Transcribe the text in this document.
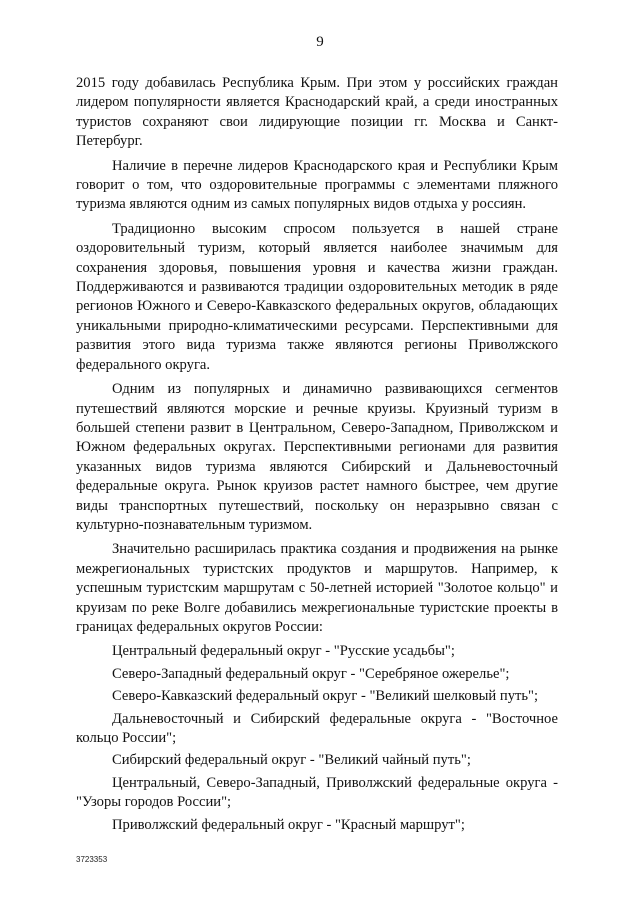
9

2015 году добавилась Республика Крым. При этом у российских граждан лидером популярности является Краснодарский край, а среди иностранных туристов сохраняют свои лидирующие позиции гг. Москва и Санкт-Петербург.

Наличие в перечне лидеров Краснодарского края и Республики Крым говорит о том, что оздоровительные программы с элементами пляжного туризма являются одним из самых популярных видов отдыха у россиян.

Традиционно высоким спросом пользуется в нашей стране оздоровительный туризм, который является наиболее значимым для сохранения здоровья, повышения уровня и качества жизни граждан. Поддерживаются и развиваются традиции оздоровительных методик в ряде регионов Южного и Северо-Кавказского федеральных округов, обладающих уникальными природно-климатическими ресурсами. Перспективными для развития этого вида туризма также являются регионы Приволжского федерального округа.

Одним из популярных и динамично развивающихся сегментов путешествий являются морские и речные круизы. Круизный туризм в большей степени развит в Центральном, Северо-Западном, Приволжском и Южном федеральных округах. Перспективными регионами для развития указанных видов туризма являются Сибирский и Дальневосточный федеральные округа. Рынок круизов растет намного быстрее, чем другие виды транспортных путешествий, поскольку он неразрывно связан с культурно-познавательным туризмом.

Значительно расширилась практика создания и продвижения на рынке межрегиональных туристских продуктов и маршрутов. Например, к успешным туристским маршрутам с 50-летней историей "Золотое кольцо" и круизам по реке Волге добавились межрегиональные туристские проекты в границах федеральных округов России:

Центральный федеральный округ - "Русские усадьбы";

Северо-Западный федеральный округ - "Серебряное ожерелье";

Северо-Кавказский федеральный округ - "Великий шелковый путь";

Дальневосточный и Сибирский федеральные округа - "Восточное кольцо России";

Сибирский федеральный округ - "Великий чайный путь";

Центральный, Северо-Западный, Приволжский федеральные округа - "Узоры городов России";

Приволжский федеральный округ - "Красный маршрут";

3723353
